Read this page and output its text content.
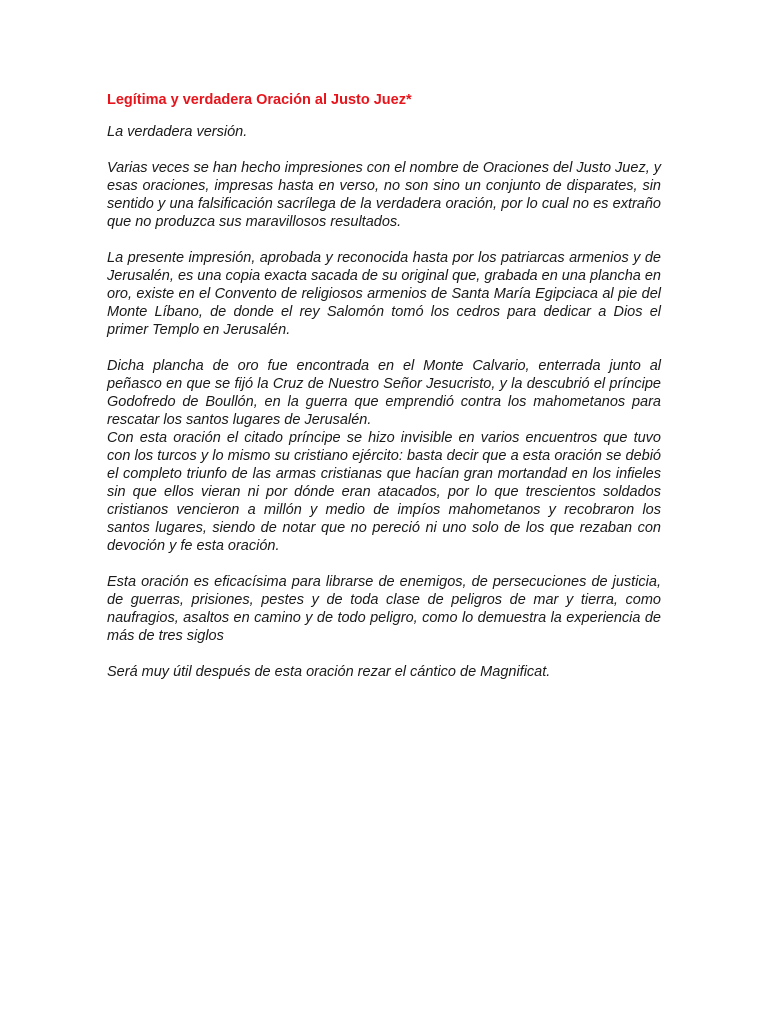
Legítima y verdadera Oración al Justo Juez*

La verdadera versión.

Varias veces se han hecho impresiones con el nombre de Oraciones del Justo Juez, y esas oraciones, impresas hasta en verso, no son sino un conjunto de disparates, sin sentido y una falsificación sacrílega de la verdadera oración, por lo cual no es extraño que no produzca sus maravillosos resultados.

La presente impresión, aprobada y reconocida hasta por los patriarcas armenios y de Jerusalén, es una copia exacta sacada de su original que, grabada en una plancha en oro, existe en el Convento de religiosos armenios de Santa María Egipciaca al pie del Monte Líbano, de donde el rey Salomón tomó los cedros para dedicar a Dios el primer Templo en Jerusalén.

Dicha plancha de oro fue encontrada en el Monte Calvario, enterrada junto al peñasco en que se fijó la Cruz de Nuestro Señor Jesucristo, y la descubrió el príncipe Godofredo de Boullón, en la guerra que emprendió contra los mahometanos para rescatar los santos lugares de Jerusalén.

Con esta oración el citado príncipe se hizo invisible en varios encuentros que tuvo con los turcos y lo mismo su cristiano ejército: basta decir que a esta oración se debió el completo triunfo de las armas cristianas que hacían gran mortandad en los infieles sin que ellos vieran ni por dónde eran atacados, por lo que trescientos soldados cristianos vencieron a millón y medio de impíos mahometanos y recobraron los santos lugares, siendo de notar que no pereció ni uno solo de los que rezaban con devoción y fe esta oración.

Esta oración es eficacísima para librarse de enemigos, de persecuciones de justicia, de guerras, prisiones, pestes y de toda clase de peligros de mar y tierra, como naufragios, asaltos en camino y de todo peligro, como lo demuestra la experiencia de más de tres siglos

Será muy útil después de esta oración rezar el cántico de Magnificat.
